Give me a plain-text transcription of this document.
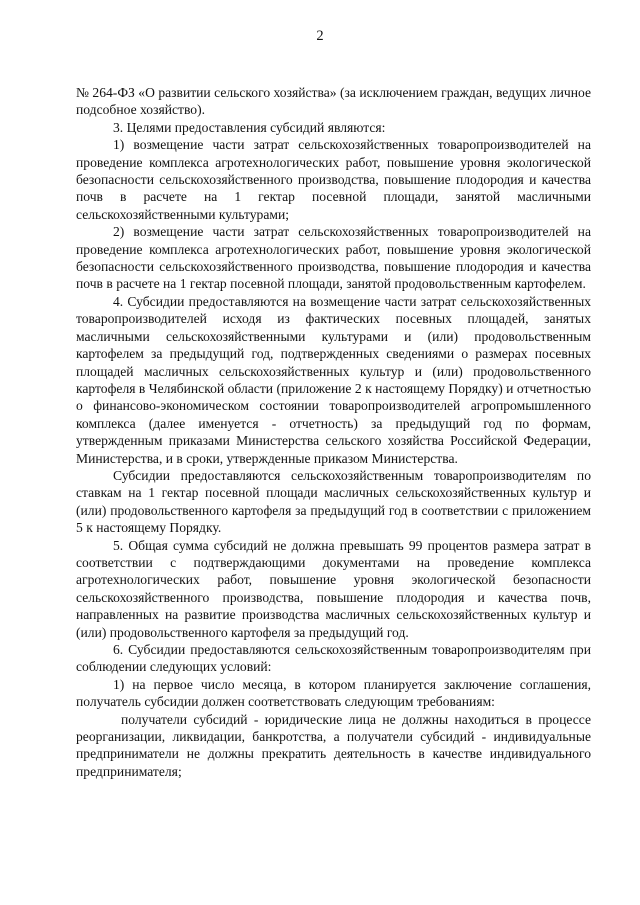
2

№ 264-ФЗ «О развитии сельского хозяйства» (за исключением граждан, ведущих личное подсобное хозяйство).

3. Целями предоставления субсидий являются:

1) возмещение части затрат сельскохозяйственных товаропроизводителей на проведение комплекса агротехнологических работ, повышение уровня экологической безопасности сельскохозяйственного производства, повышение плодородия и качества почв в расчете на 1 гектар посевной площади, занятой масличными сельскохозяйственными культурами;

2) возмещение части затрат сельскохозяйственных товаропроизводителей на проведение комплекса агротехнологических работ, повышение уровня экологической безопасности сельскохозяйственного производства, повышение плодородия и качества почв в расчете на 1 гектар посевной площади, занятой продовольственным картофелем.

4. Субсидии предоставляются на возмещение части затрат сельскохозяйственных товаропроизводителей исходя из фактических посевных площадей, занятых масличными сельскохозяйственными культурами и (или) продовольственным картофелем за предыдущий год, подтвержденных сведениями о размерах посевных площадей масличных сельскохозяйственных культур и (или) продовольственного картофеля в Челябинской области (приложение 2 к настоящему Порядку) и отчетностью о финансово-экономическом состоянии товаропроизводителей агропромышленного комплекса (далее именуется - отчетность) за предыдущий год по формам, утвержденным приказами Министерства сельского хозяйства Российской Федерации, Министерства, и в сроки, утвержденные приказом Министерства.

Субсидии предоставляются сельскохозяйственным товаропроизводителям по ставкам на 1 гектар посевной площади масличных сельскохозяйственных культур и (или) продовольственного картофеля за предыдущий год в соответствии с приложением 5 к настоящему Порядку.

5. Общая сумма субсидий не должна превышать 99 процентов размера затрат в соответствии с подтверждающими документами на проведение комплекса агротехнологических работ, повышение уровня экологической безопасности сельскохозяйственного производства, повышение плодородия и качества почв, направленных на развитие производства масличных сельскохозяйственных культур и (или) продовольственного картофеля за предыдущий год.

6. Субсидии предоставляются сельскохозяйственным товаропроизводителям при соблюдении следующих условий:

1) на первое число месяца, в котором планируется заключение соглашения, получатель субсидии должен соответствовать следующим требованиям:

получатели субсидий - юридические лица не должны находиться в процессе реорганизации, ликвидации, банкротства, а получатели субсидий - индивидуальные предприниматели не должны прекратить деятельность в качестве индивидуального предпринимателя;
